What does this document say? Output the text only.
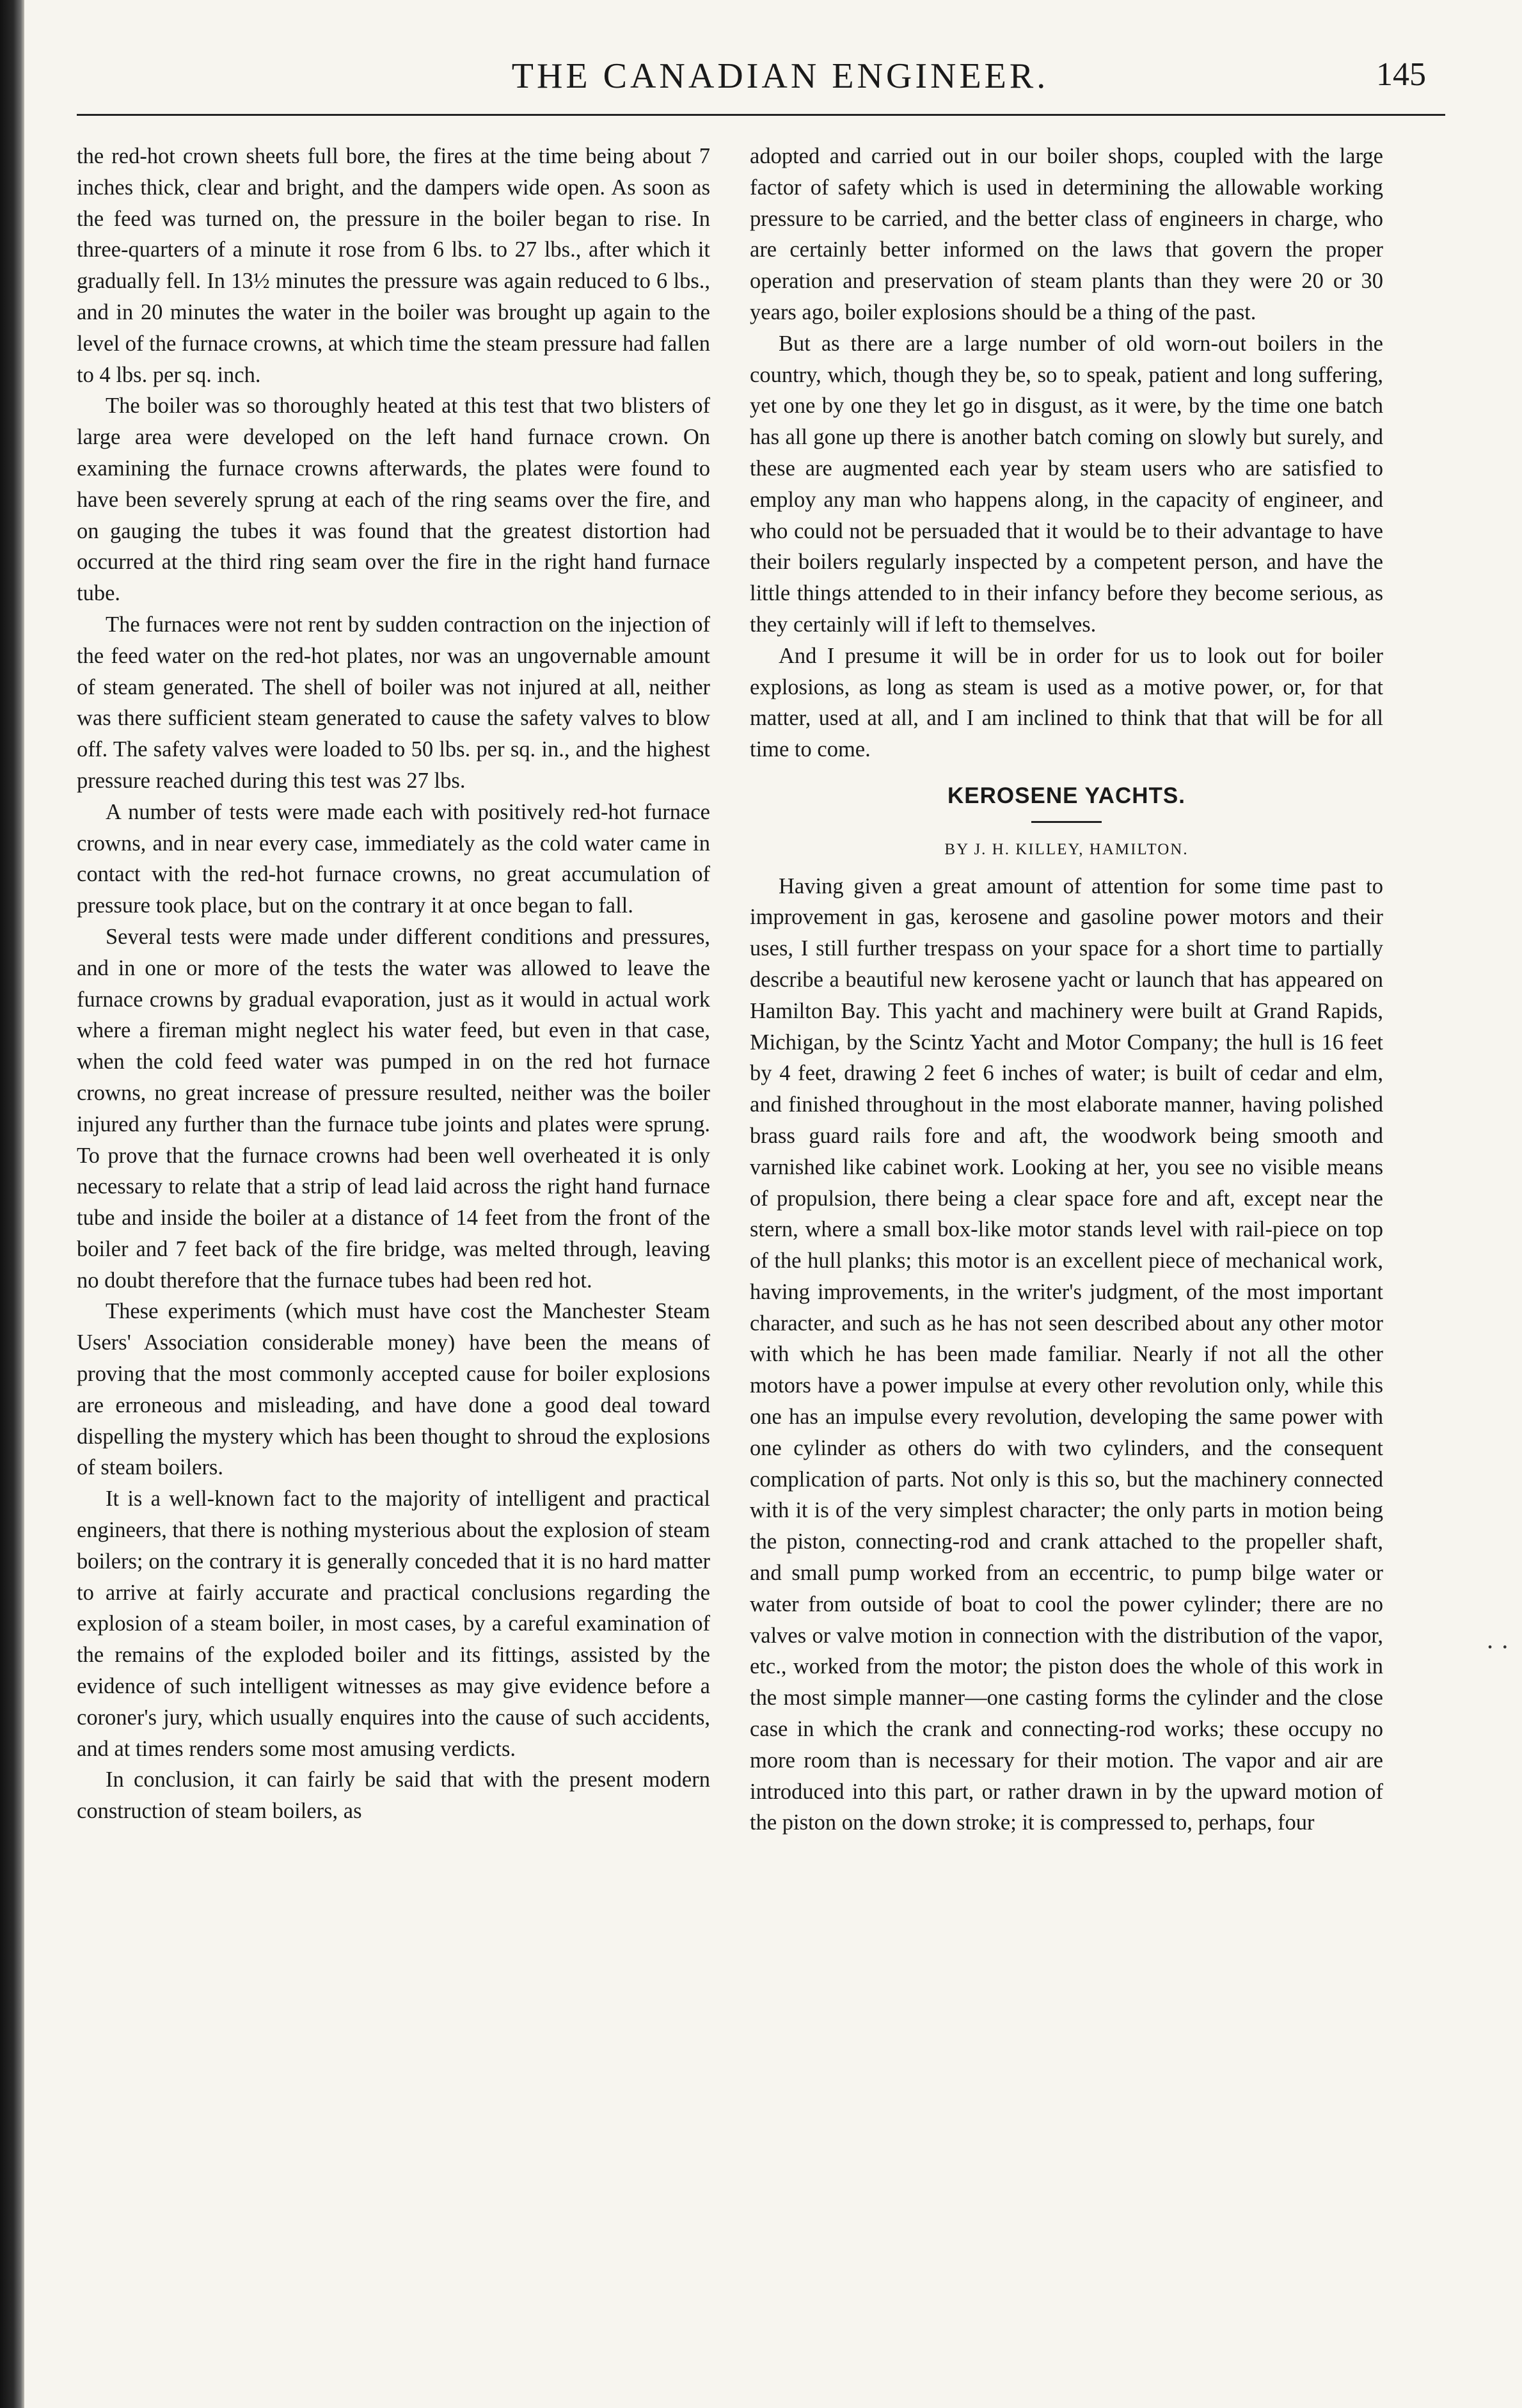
THE CANADIAN ENGINEER.	145

the red-hot crown sheets full bore, the fires at the time being about 7 inches thick, clear and bright, and the dampers wide open. As soon as the feed was turned on, the pressure in the boiler began to rise. In three-quarters of a minute it rose from 6 lbs. to 27 lbs., after which it gradually fell. In 13½ minutes the pressure was again reduced to 6 lbs., and in 20 minutes the water in the boiler was brought up again to the level of the furnace crowns, at which time the steam pressure had fallen to 4 lbs. per sq. inch.

The boiler was so thoroughly heated at this test that two blisters of large area were developed on the left hand furnace crown. On examining the furnace crowns afterwards, the plates were found to have been severely sprung at each of the ring seams over the fire, and on gauging the tubes it was found that the greatest distortion had occurred at the third ring seam over the fire in the right hand furnace tube.

The furnaces were not rent by sudden contraction on the injection of the feed water on the red-hot plates, nor was an ungovernable amount of steam generated. The shell of boiler was not injured at all, neither was there sufficient steam generated to cause the safety valves to blow off. The safety valves were loaded to 50 lbs. per sq. in., and the highest pressure reached during this test was 27 lbs.

A number of tests were made each with positively red-hot furnace crowns, and in near every case, immediately as the cold water came in contact with the red-hot furnace crowns, no great accumulation of pressure took place, but on the contrary it at once began to fall.

Several tests were made under different conditions and pressures, and in one or more of the tests the water was allowed to leave the furnace crowns by gradual evaporation, just as it would in actual work where a fireman might neglect his water feed, but even in that case, when the cold feed water was pumped in on the red hot furnace crowns, no great increase of pressure resulted, neither was the boiler injured any further than the furnace tube joints and plates were sprung. To prove that the furnace crowns had been well overheated it is only necessary to relate that a strip of lead laid across the right hand furnace tube and inside the boiler at a distance of 14 feet from the front of the boiler and 7 feet back of the fire bridge, was melted through, leaving no doubt therefore that the furnace tubes had been red hot.

These experiments (which must have cost the Manchester Steam Users' Association considerable money) have been the means of proving that the most commonly accepted cause for boiler explosions are erroneous and misleading, and have done a good deal toward dispelling the mystery which has been thought to shroud the explosions of steam boilers.

It is a well-known fact to the majority of intelligent and practical engineers, that there is nothing mysterious about the explosion of steam boilers; on the contrary it is generally conceded that it is no hard matter to arrive at fairly accurate and practical conclusions regarding the explosion of a steam boiler, in most cases, by a careful examination of the remains of the exploded boiler and its fittings, assisted by the evidence of such intelligent witnesses as may give evidence before a coroner's jury, which usually enquires into the cause of such accidents, and at times renders some most amusing verdicts.

In conclusion, it can fairly be said that with the present modern construction of steam boilers, as

adopted and carried out in our boiler shops, coupled with the large factor of safety which is used in determining the allowable working pressure to be carried, and the better class of engineers in charge, who are certainly better informed on the laws that govern the proper operation and preservation of steam plants than they were 20 or 30 years ago, boiler explosions should be a thing of the past.

But as there are a large number of old worn-out boilers in the country, which, though they be, so to speak, patient and long suffering, yet one by one they let go in disgust, as it were, by the time one batch has all gone up there is another batch coming on slowly but surely, and these are augmented each year by steam users who are satisfied to employ any man who happens along, in the capacity of engineer, and who could not be persuaded that it would be to their advantage to have their boilers regularly inspected by a competent person, and have the little things attended to in their infancy before they become serious, as they certainly will if left to themselves.

And I presume it will be in order for us to look out for boiler explosions, as long as steam is used as a motive power, or, for that matter, used at all, and I am inclined to think that that will be for all time to come.

KEROSENE YACHTS.
BY J. H. KILLEY, HAMILTON.

Having given a great amount of attention for some time past to improvement in gas, kerosene and gasoline power motors and their uses, I still further trespass on your space for a short time to partially describe a beautiful new kerosene yacht or launch that has appeared on Hamilton Bay. This yacht and machinery were built at Grand Rapids, Michigan, by the Scintz Yacht and Motor Company; the hull is 16 feet by 4 feet, drawing 2 feet 6 inches of water; is built of cedar and elm, and finished throughout in the most elaborate manner, having polished brass guard rails fore and aft, the woodwork being smooth and varnished like cabinet work. Looking at her, you see no visible means of propulsion, there being a clear space fore and aft, except near the stern, where a small box-like motor stands level with rail-piece on top of the hull planks; this motor is an excellent piece of mechanical work, having improvements, in the writer's judgment, of the most important character, and such as he has not seen described about any other motor with which he has been made familiar. Nearly if not all the other motors have a power impulse at every other revolution only, while this one has an impulse every revolution, developing the same power with one cylinder as others do with two cylinders, and the consequent complication of parts. Not only is this so, but the machinery connected with it is of the very simplest character; the only parts in motion being the piston, connecting-rod and crank attached to the propeller shaft, and small pump worked from an eccentric, to pump bilge water or water from outside of boat to cool the power cylinder; there are no valves or valve motion in connection with the distribution of the vapor, etc., worked from the motor; the piston does the whole of this work in the most simple manner—one casting forms the cylinder and the close case in which the crank and connecting-rod works; these occupy no more room than is necessary for their motion. The vapor and air are introduced into this part, or rather drawn in by the upward motion of the piston on the down stroke; it is compressed to, perhaps, four

· ·
